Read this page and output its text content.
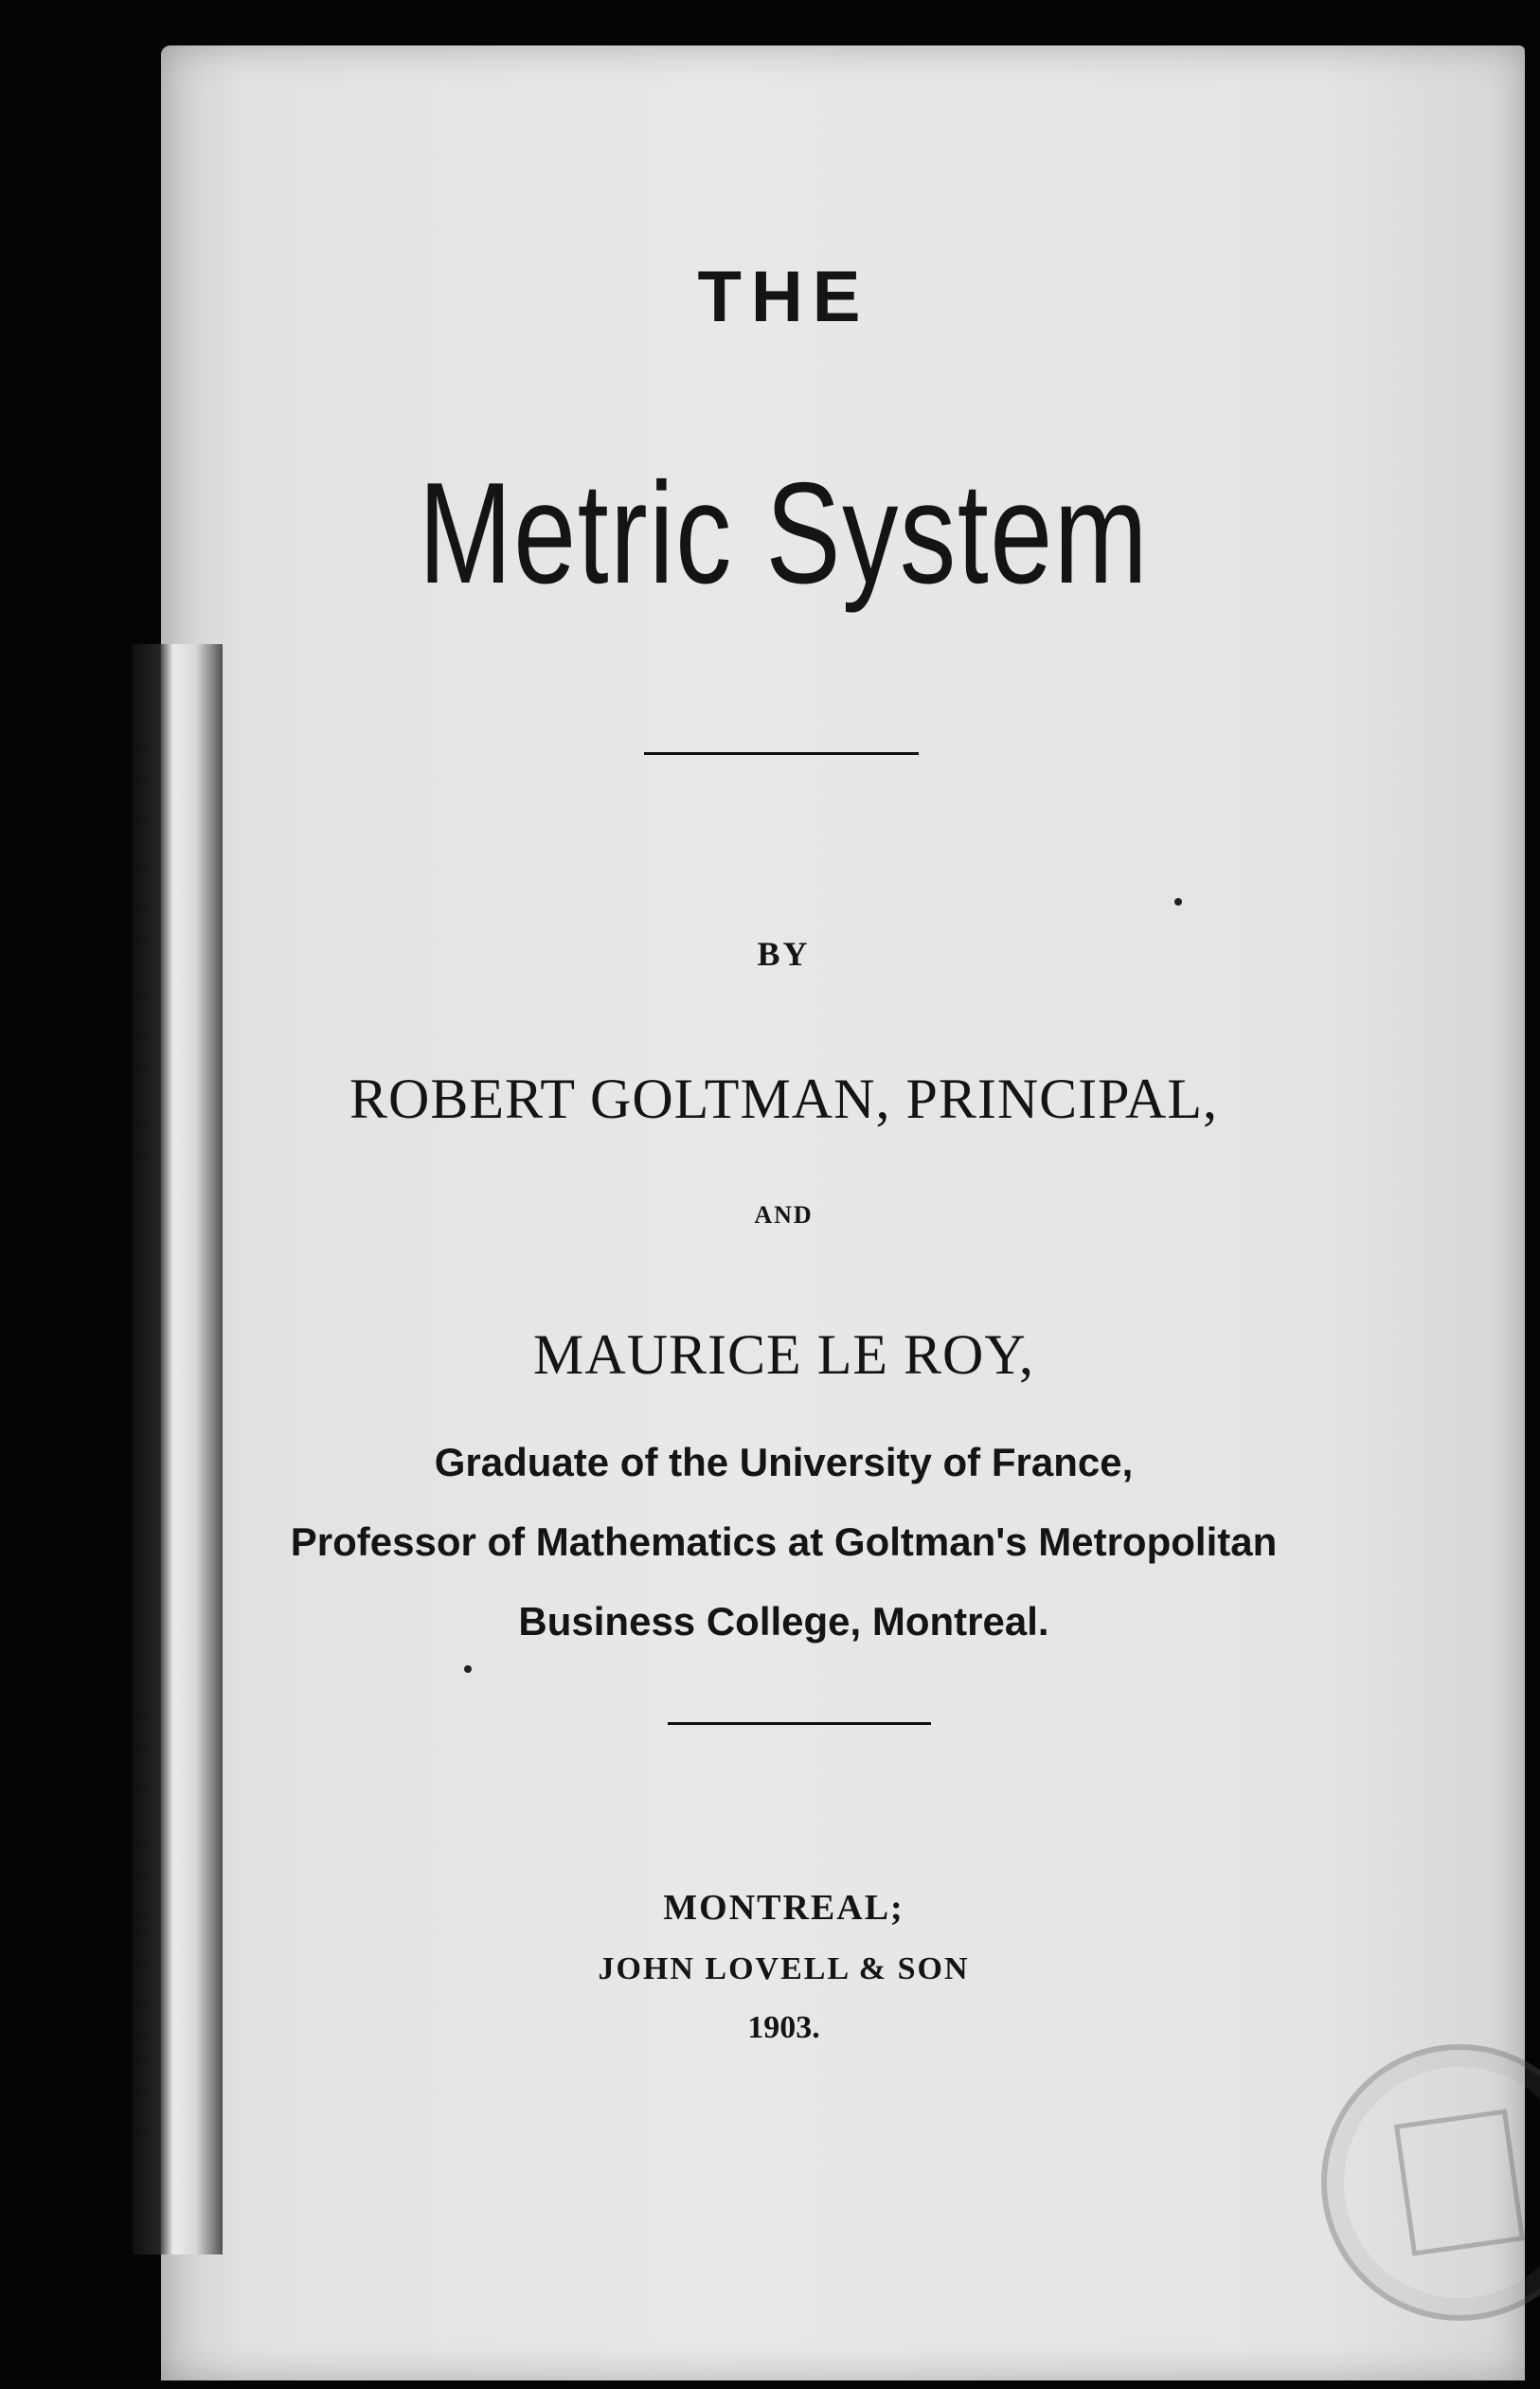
THE
Metric System
BY
ROBERT GOLTMAN, PRINCIPAL,
AND
MAURICE LE ROY,
Graduate of the University of France,
Professor of Mathematics at Goltman's Metropolitan
Business College, Montreal.
MONTREAL;
JOHN LOVELL & SON
1903.
